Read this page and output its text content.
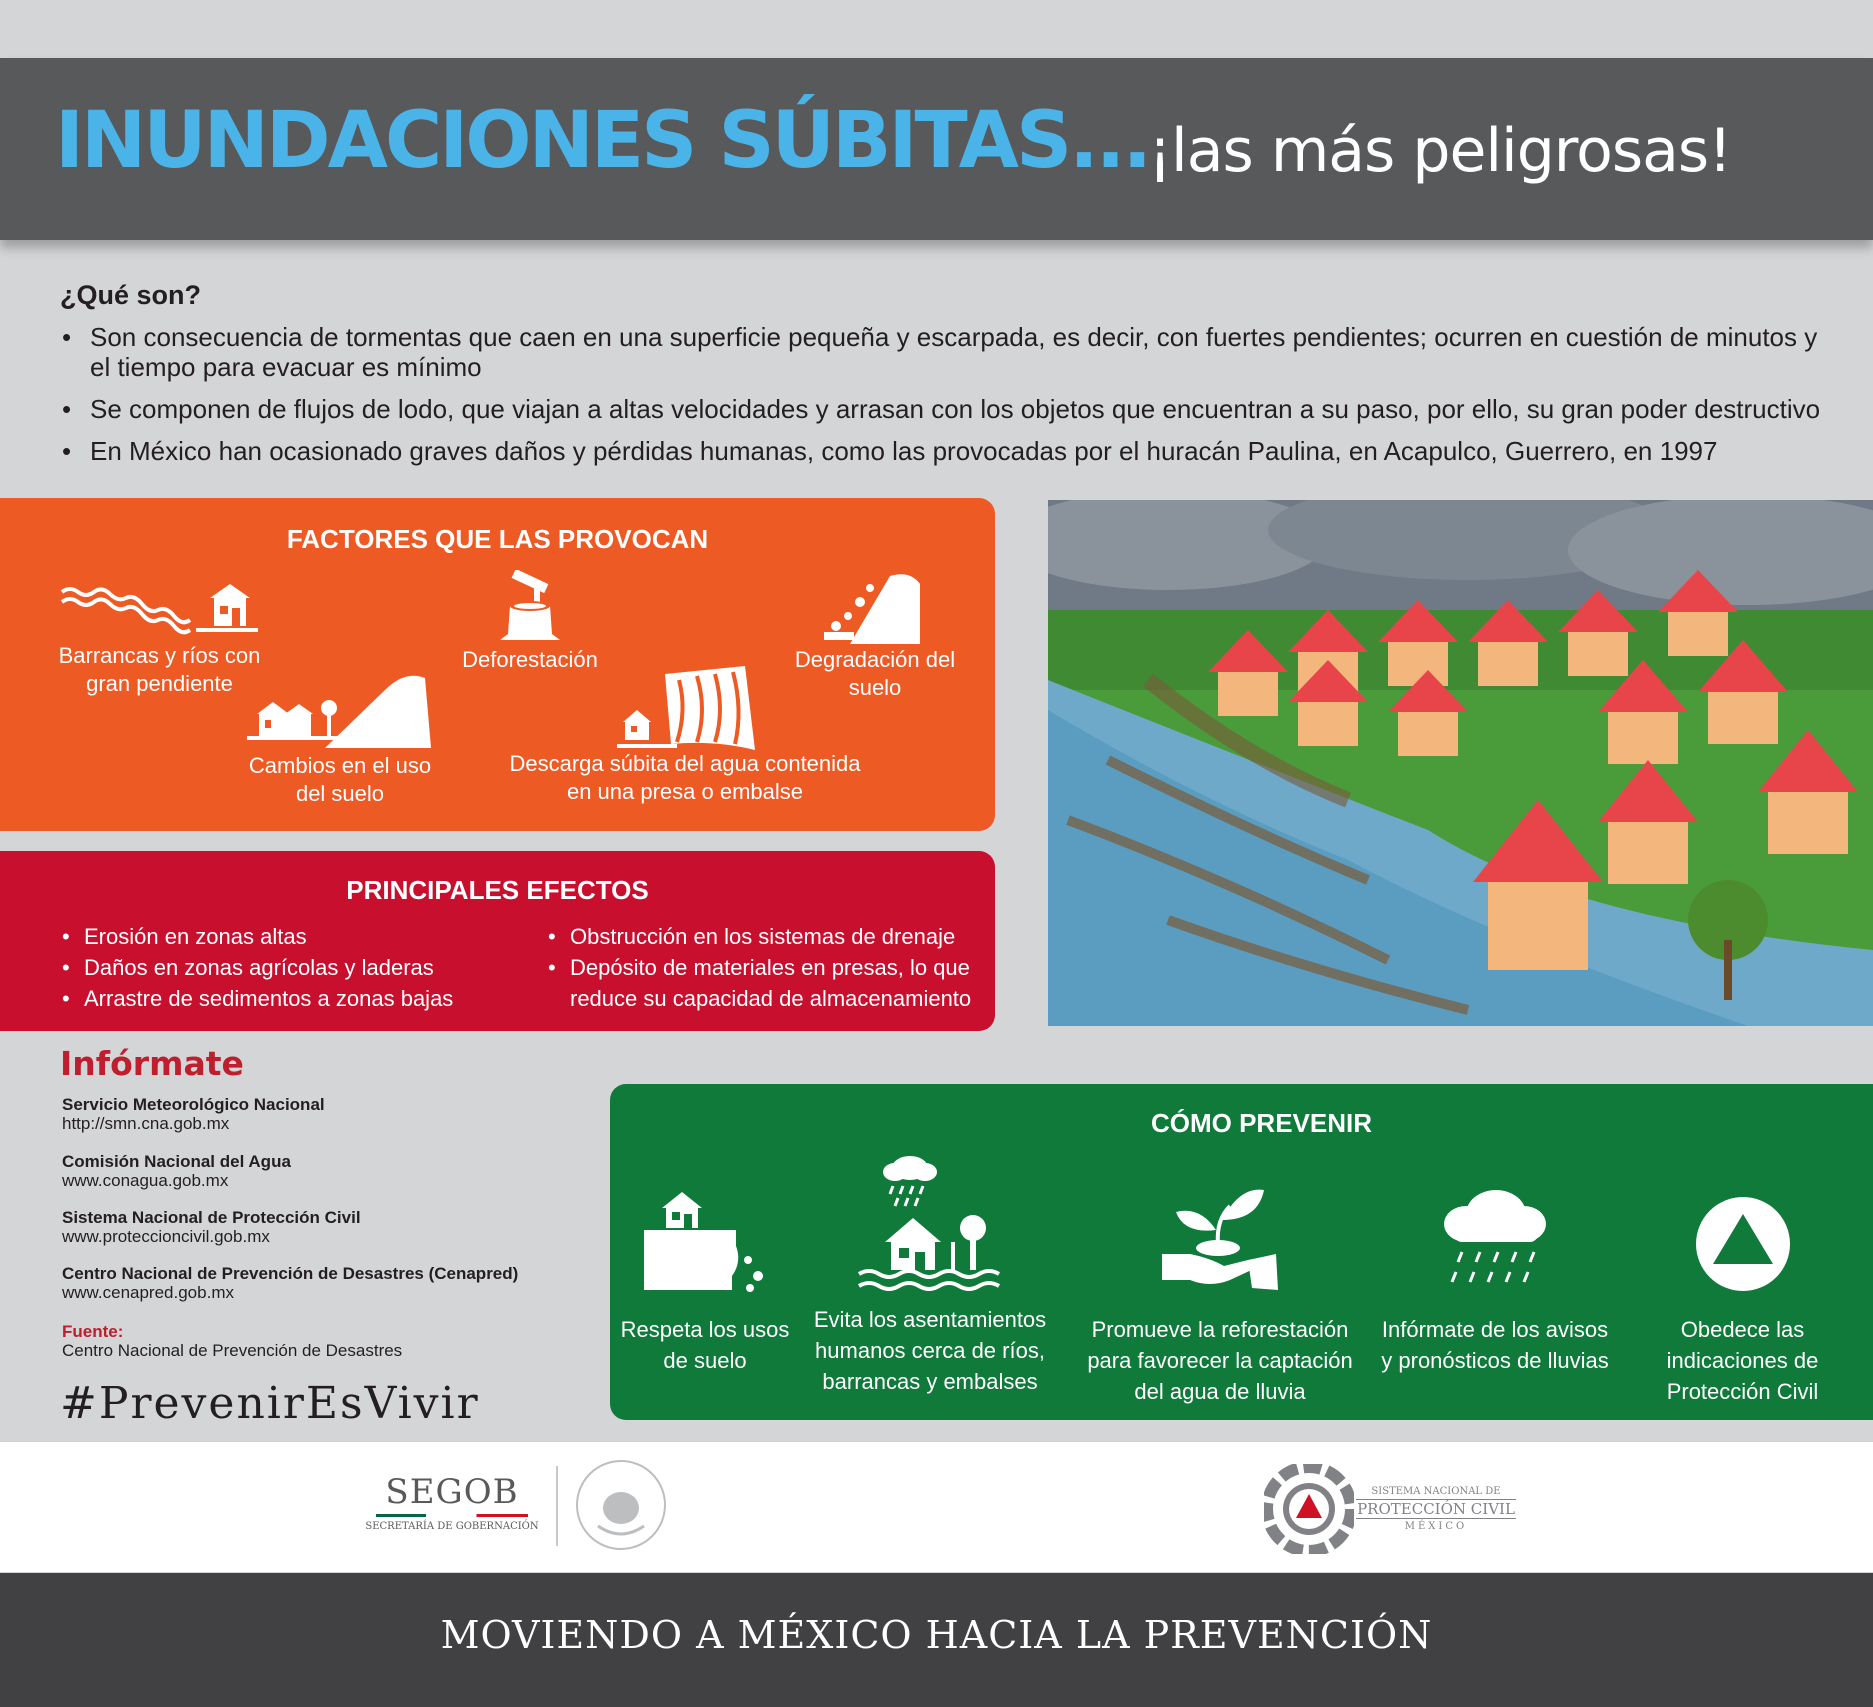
INUNDACIONES SÚBITAS...
¡las más peligrosas!
¿Qué son?
• Son consecuencia de tormentas que caen en una superficie pequeña y escarpada, es decir, con fuertes pendientes; ocurren en cuestión de minutos y el tiempo para evacuar es mínimo
• Se componen de flujos de lodo, que viajan a altas velocidades y arrasan con los objetos que encuentran a su paso, por ello, su gran poder destructivo
• En México han ocasionado graves daños y pérdidas humanas, como las provocadas por el huracán Paulina, en Acapulco, Guerrero, en 1997
FACTORES QUE LAS PROVOCAN
Barrancas y ríos con gran pendiente
Deforestación	Degradación del suelo
Cambios en el uso del suelo
Descarga súbita del agua contenida en una presa o embalse
PRINCIPALES EFECTOS
• Erosión en zonas altas
• Daños en zonas agrícolas y laderas
• Arrastre de sedimentos a zonas bajas
• Obstrucción en los sistemas de drenaje
• Depósito de materiales en presas, lo que reduce su capacidad de almacenamiento
Infórmate
Servicio Meteorológico Nacional
http://smn.cna.gob.mx
Comisión Nacional del Agua
www.conagua.gob.mx
Sistema Nacional de Protección Civil
www.proteccioncivil.gob.mx
Centro Nacional de Prevención de Desastres (Cenapred)
www.cenapred.gob.mx
Fuente:
Centro Nacional de Prevención de Desastres
#PrevenirEsVivir
CÓMO PREVENIR
Respeta los usos de suelo
Evita los asentamientos humanos cerca de ríos, barrancas y embalses
Promueve la reforestación para favorecer la captación del agua de lluvia
Infórmate de los avisos y pronósticos de lluvias
Obedece las indicaciones de Protección Civil
SEGOB
SECRETARÍA DE GOBERNACIÓN
SISTEMA NACIONAL DE
PROTECCIÓN CIVIL
MÉXICO
MOVIENDO A MÉXICO HACIA LA PREVENCIÓN
